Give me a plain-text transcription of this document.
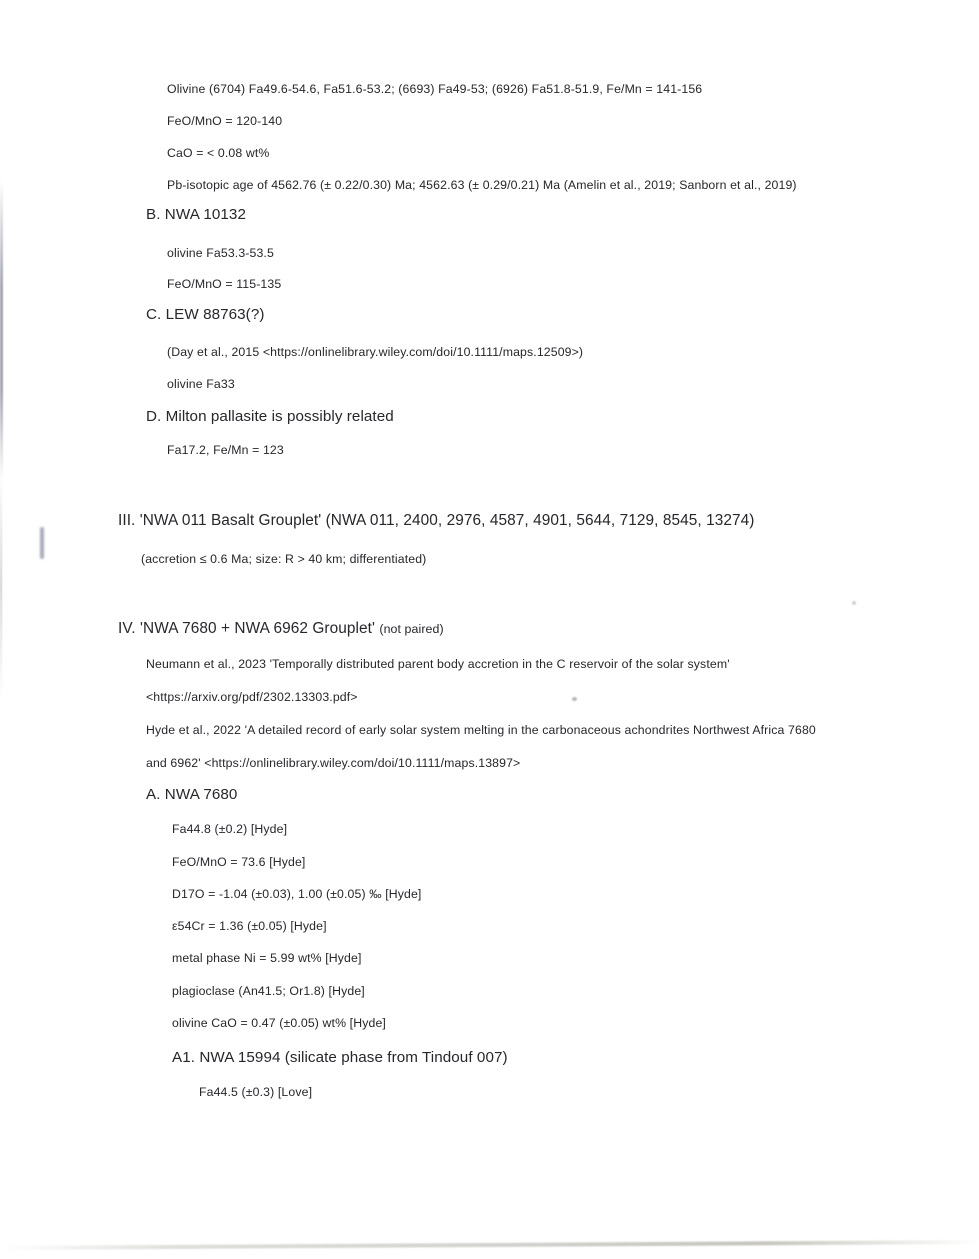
Olivine (6704) Fa49.6-54.6, Fa51.6-53.2; (6693) Fa49-53; (6926) Fa51.8-51.9, Fe/Mn = 141-156
FeO/MnO = 120-140
CaO = < 0.08 wt%
Pb-isotopic age of 4562.76 (± 0.22/0.30) Ma; 4562.63 (± 0.29/0.21) Ma (Amelin et al., 2019; Sanborn et al., 2019)
B. NWA 10132
olivine Fa53.3-53.5
FeO/MnO = 115-135
C. LEW 88763(?)
(Day et al., 2015 <https://onlinelibrary.wiley.com/doi/10.1111/maps.12509>)
olivine Fa33
D. Milton pallasite is possibly related
Fa17.2, Fe/Mn = 123
III. 'NWA 011 Basalt Grouplet' (NWA 011, 2400, 2976, 4587, 4901, 5644, 7129, 8545, 13274)
(accretion ≤ 0.6 Ma; size: R > 40 km; differentiated)
IV. 'NWA 7680 + NWA 6962 Grouplet' (not paired)
Neumann et al., 2023 'Temporally distributed parent body accretion in the C reservoir of the solar system'
<https://arxiv.org/pdf/2302.13303.pdf>
Hyde et al., 2022 'A detailed record of early solar system melting in the carbonaceous achondrites Northwest Africa 7680
and 6962' <https://onlinelibrary.wiley.com/doi/10.1111/maps.13897>
A. NWA 7680
Fa44.8 (±0.2) [Hyde]
FeO/MnO = 73.6 [Hyde]
D17O = -1.04 (±0.03), 1.00 (±0.05) ‰ [Hyde]
ε54Cr = 1.36 (±0.05) [Hyde]
metal phase Ni = 5.99 wt% [Hyde]
plagioclase (An41.5; Or1.8) [Hyde]
olivine CaO = 0.47 (±0.05) wt% [Hyde]
A1. NWA 15994 (silicate phase from Tindouf 007)
Fa44.5 (±0.3) [Love]
